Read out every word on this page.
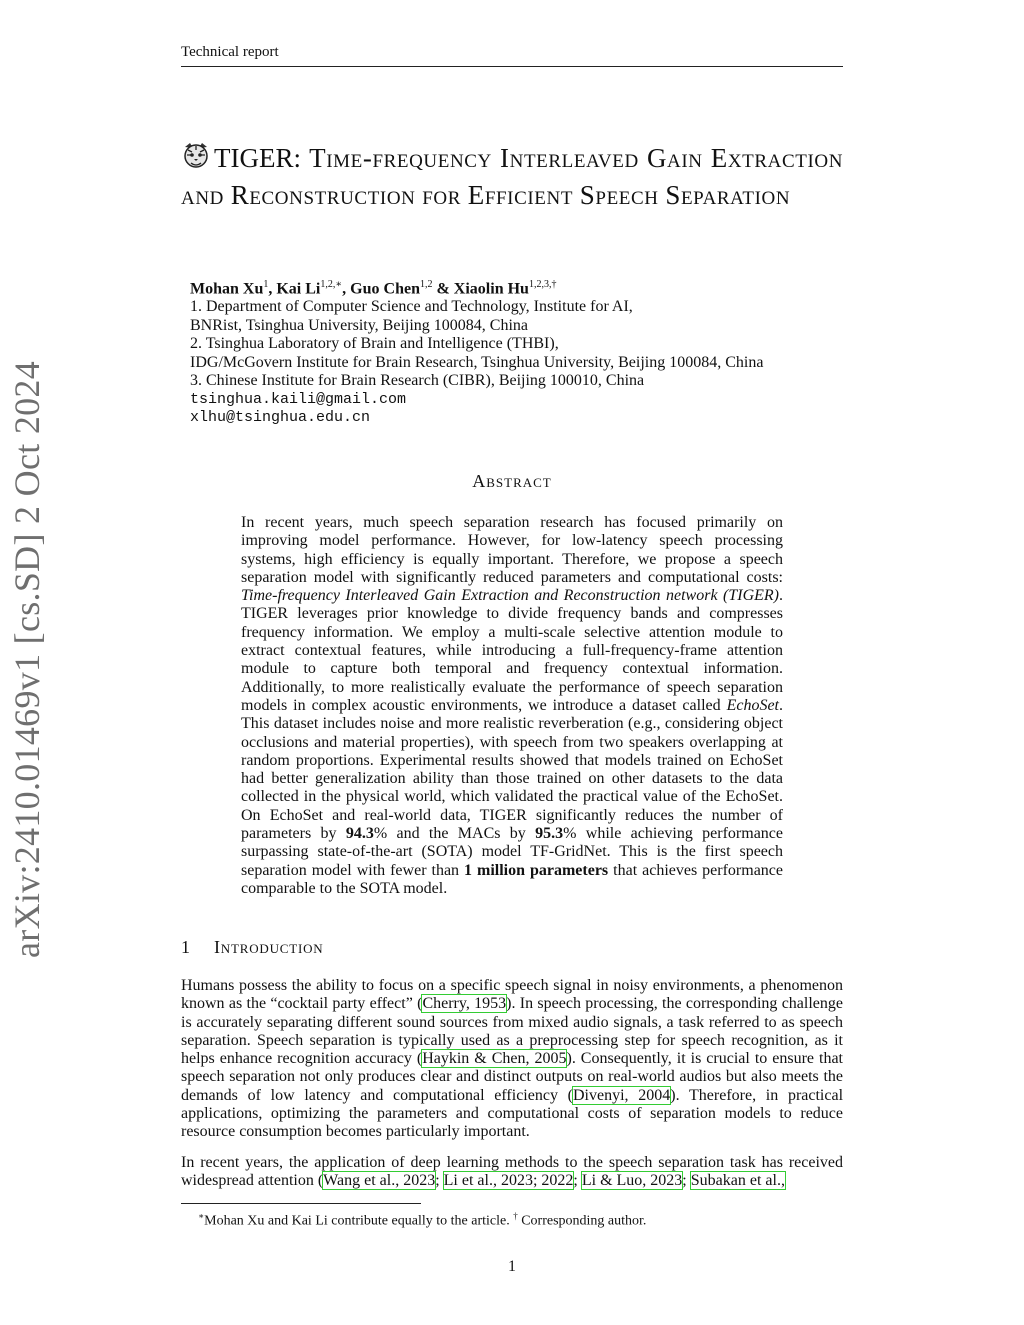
Technical report
arXiv:2410.01469v1 [cs.SD] 2 Oct 2024
TIGER: Time-frequency Interleaved Gain Extraction and Reconstruction for Efficient Speech Separation
Mohan Xu$^1$, Kai $Li^{1,2,∗}$, Guo Chen$^{1,2}$ & Xiaolin $Hu^{1,2,3,\dagger}$
1. Department of Computer Science and Technology, Institute for AI,
BNRist, Tsinghua University, Beijing 100084, China
2. Tsinghua Laboratory of Brain and Intelligence (THBI),
IDG/McGovern Institute for Brain Research, Tsinghua University, Beijing 100084, China
3. Chinese Institute for Brain Research (CIBR), Beijing 100010, China
tsinghua.kaili@gmail.com
xlhu@tsinghua.edu.cn
Abstract
In recent years, much speech separation research has focused primarily on improving model performance. However, for low-latency speech processing systems, high efficiency is equally important. Therefore, we propose a speech separation model with significantly reduced parameters and computational costs: Time-frequency Interleaved Gain Extraction and Reconstruction network (TIGER). TIGER leverages prior knowledge to divide frequency bands and compresses frequency information. We employ a multi-scale selective attention module to extract contextual features, while introducing a full-frequency-frame attention module to capture both temporal and frequency contextual information. Additionally, to more realistically evaluate the performance of speech separation models in complex acoustic environments, we introduce a dataset called EchoSet. This dataset includes noise and more realistic reverberation (e.g., considering object occlusions and material properties), with speech from two speakers overlapping at random proportions. Experimental results showed that models trained on EchoSet had better generalization ability than those trained on other datasets to the data collected in the physical world, which validated the practical value of the EchoSet. On EchoSet and real-world data, TIGER significantly reduces the number of parameters by 94.3% and the MACs by 95.3% while achieving performance surpassing state-of-the-art (SOTA) model TF-GridNet. This is the first speech separation model with fewer than 1 million parameters that achieves performance comparable to the SOTA model.
1 Introduction
Humans possess the ability to focus on a specific speech signal in noisy environments, a phenomenon known as the “cocktail party effect” (Cherry, 1953). In speech processing, the corresponding challenge is accurately separating different sound sources from mixed audio signals, a task referred to as speech separation. Speech separation is typically used as a preprocessing step for speech recognition, as it helps enhance recognition accuracy (Haykin & Chen, 2005). Consequently, it is crucial to ensure that speech separation not only produces clear and distinct outputs on real-world audios but also meets the demands of low latency and computational efficiency (Divenyi, 2004). Therefore, in practical applications, optimizing the parameters and computational costs of separation models to reduce resource consumption becomes particularly important.
In recent years, the application of deep learning methods to the speech separation task has received widespread attention (Wang et al., 2023; Li et al., 2023; 2022; Li & Luo, 2023; Subakan et al.,
∗Mohan Xu and Kai Li contribute equally to the article. † Corresponding author.
1
